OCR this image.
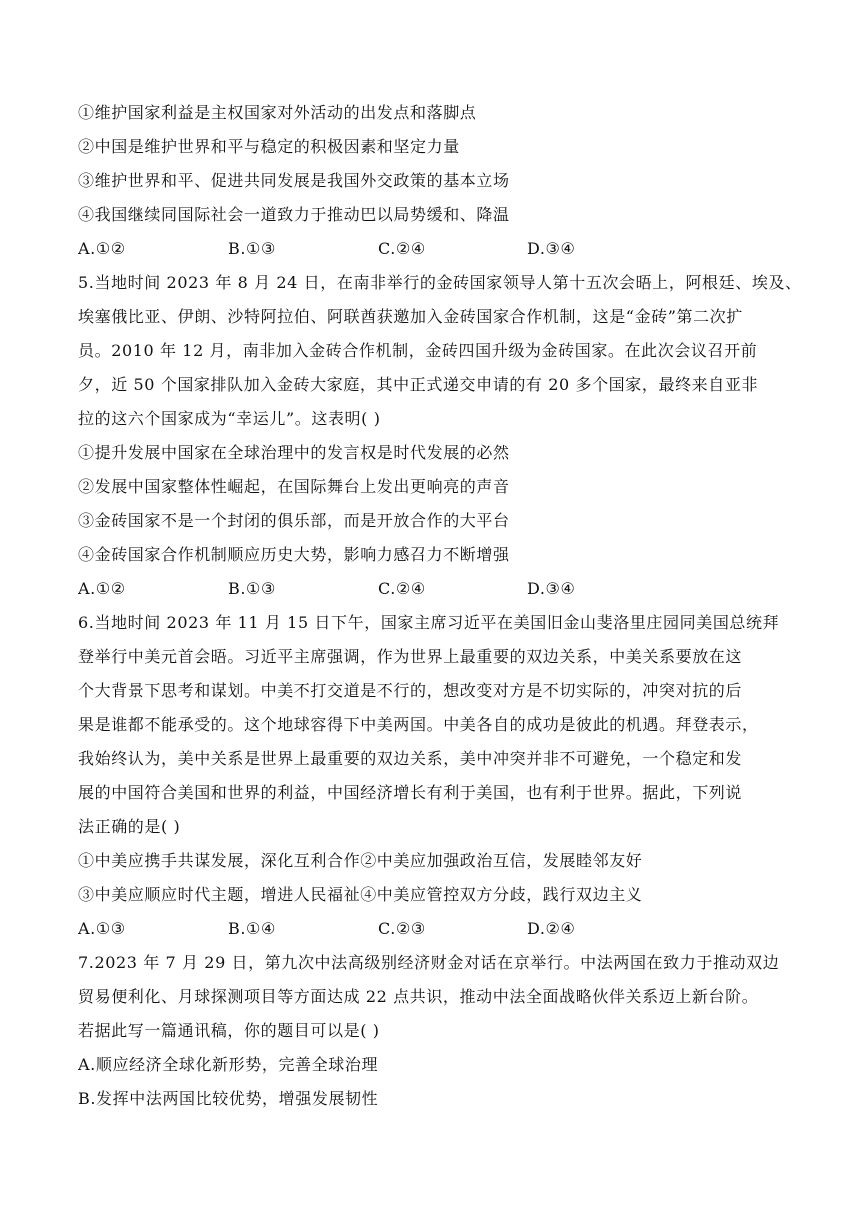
①维护国家利益是主权国家对外活动的出发点和落脚点
②中国是维护世界和平与稳定的积极因素和坚定力量
③维护世界和平、促进共同发展是我国外交政策的基本立场
④我国继续同国际社会一道致力于推动巴以局势缓和、降温
A.①②	B.①③	C.②④	D.③④
5.当地时间 2023 年 8 月 24 日，在南非举行的金砖国家领导人第十五次会晤上，阿根廷、埃及、
埃塞俄比亚、伊朗、沙特阿拉伯、阿联酋获邀加入金砖国家合作机制，这是“金砖”第二次扩
员。2010 年 12 月，南非加入金砖合作机制，金砖四国升级为金砖国家。在此次会议召开前
夕，近 50 个国家排队加入金砖大家庭，其中正式递交申请的有 20 多个国家，最终来自亚非
拉的这六个国家成为“幸运儿”。这表明( )
①提升发展中国家在全球治理中的发言权是时代发展的必然
②发展中国家整体性崛起，在国际舞台上发出更响亮的声音
③金砖国家不是一个封闭的俱乐部，而是开放合作的大平台
④金砖国家合作机制顺应历史大势，影响力感召力不断增强
A.①②	B.①③	C.②④	D.③④
6.当地时间 2023 年 11 月 15 日下午，国家主席习近平在美国旧金山斐洛里庄园同美国总统拜
登举行中美元首会晤。习近平主席强调，作为世界上最重要的双边关系，中美关系要放在这
个大背景下思考和谋划。中美不打交道是不行的，想改变对方是不切实际的，冲突对抗的后
果是谁都不能承受的。这个地球容得下中美两国。中美各自的成功是彼此的机遇。拜登表示，
我始终认为，美中关系是世界上最重要的双边关系，美中冲突并非不可避免，一个稳定和发
展的中国符合美国和世界的利益，中国经济增长有利于美国，也有利于世界。据此，下列说
法正确的是( )
①中美应携手共谋发展，深化互利合作②中美应加强政治互信，发展睦邻友好
③中美应顺应时代主题，增进人民福祉④中美应管控双方分歧，践行双边主义
A.①③	B.①④	C.②③	D.②④
7.2023 年 7 月 29 日，第九次中法高级别经济财金对话在京举行。中法两国在致力于推动双边
贸易便利化、月球探测项目等方面达成 22 点共识，推动中法全面战略伙伴关系迈上新台阶。
若据此写一篇通讯稿，你的题目可以是( )
A.顺应经济全球化新形势，完善全球治理
B.发挥中法两国比较优势，增强发展韧性
